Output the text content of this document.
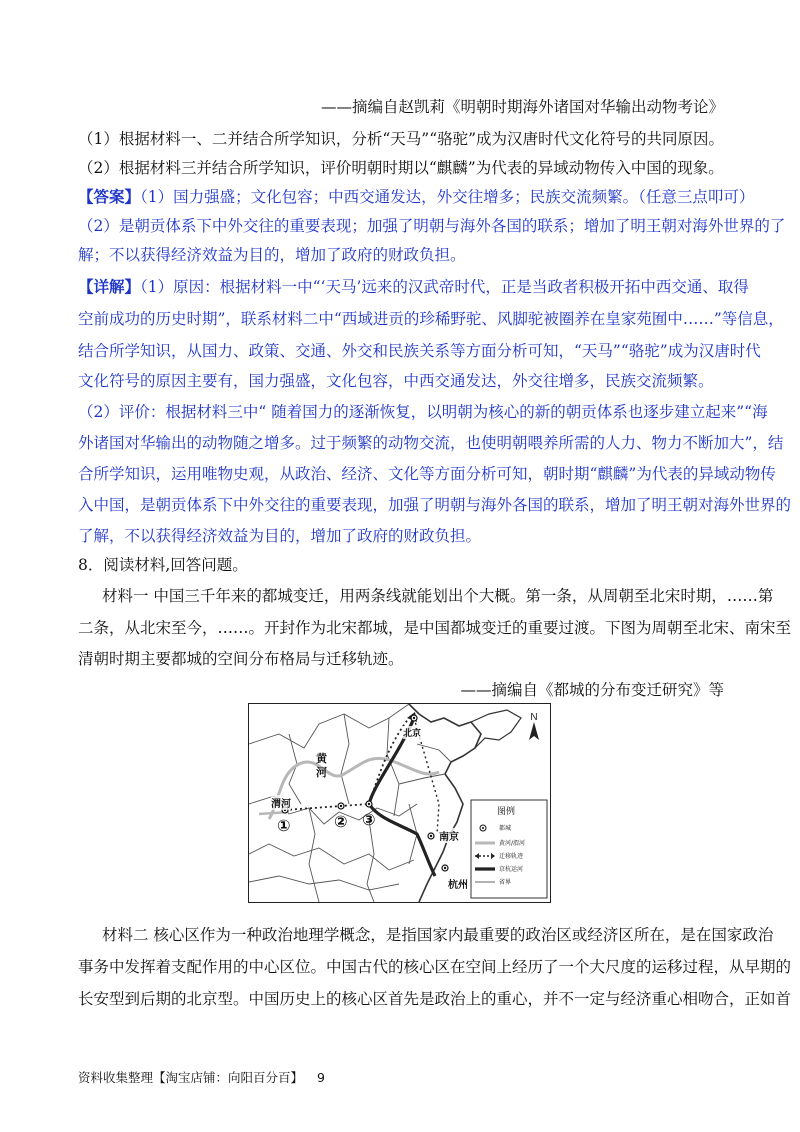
——摘编自赵凯莉《明朝时期海外诸国对华输出动物考论》
（1）根据材料一、二并结合所学知识，分析“天马”“骆驼”成为汉唐时代文化符号的共同原因。
（2）根据材料三并结合所学知识，评价明朝时期以“麒麟”为代表的异域动物传入中国的现象。
【答案】（1）国力强盛；文化包容；中西交通发达，外交往增多；民族交流频繁。（任意三点叩可）
（2）是朝贡体系下中外交往的重要表现；加强了明朝与海外各国的联系；增加了明王朝对海外世界的了
解；不以获得经济效益为目的，增加了政府的财政负担。
【详解】（1）原因：根据材料一中“‘天马’远来的汉武帝时代，正是当政者积极开拓中西交通、取得
空前成功的历史时期”，联系材料二中“西域进贡的珍稀野驼、风脚驼被圈养在皇家苑囿中……”等信息，
结合所学知识，从国力、政策、交通、外交和民族关系等方面分析可知，“天马”“骆驼”成为汉唐时代
文化符号的原因主要有，国力强盛，文化包容，中西交通发达，外交往增多，民族交流频繁。
（2）评价：根据材料三中“ 随着国力的逐渐恢复，以明朝为核心的新的朝贡体系也逐步建立起来”“海
外诸国对华输出的动物随之增多。过于频繁的动物交流，也使明朝喂养所需的人力、物力不断加大”，结
合所学知识，运用唯物史观，从政治、经济、文化等方面分析可知，朝时期“麒麟”为代表的异域动物传
入中国，是朝贡体系下中外交往的重要表现，加强了明朝与海外各国的联系，增加了明王朝对海外世界的
了解，不以获得经济效益为目的，增加了政府的财政负担。
8．阅读材料,回答问题。
材料一 中国三千年来的都城变迁，用两条线就能划出个大概。第一条，从周朝至北宋时期，……第
二条，从北宋至今，……。开封作为北宋都城，是中国都城变迁的重要过渡。下图为周朝至北宋、南宋至
清朝时期主要都城的空间分布格局与迁移轨迹。
——摘编自《都城的分布变迁研究》等
N
黄
河
渭河
南京
杭州
北京
①	② ③	图例
都城
黄河/渭河
迁移轨迹
京杭运河
省界
材料二 核心区作为一种政治地理学概念，是指国家内最重要的政治区或经济区所在，是在国家政治
事务中发挥着支配作用的中心区位。中国古代的核心区在空间上经历了一个大尺度的运移过程，从早期的
长安型到后期的北京型。中国历史上的核心区首先是政治上的重心，并不一定与经济重心相吻合，正如首
资料收集整理【淘宝店铺：向阳百分百】 9
